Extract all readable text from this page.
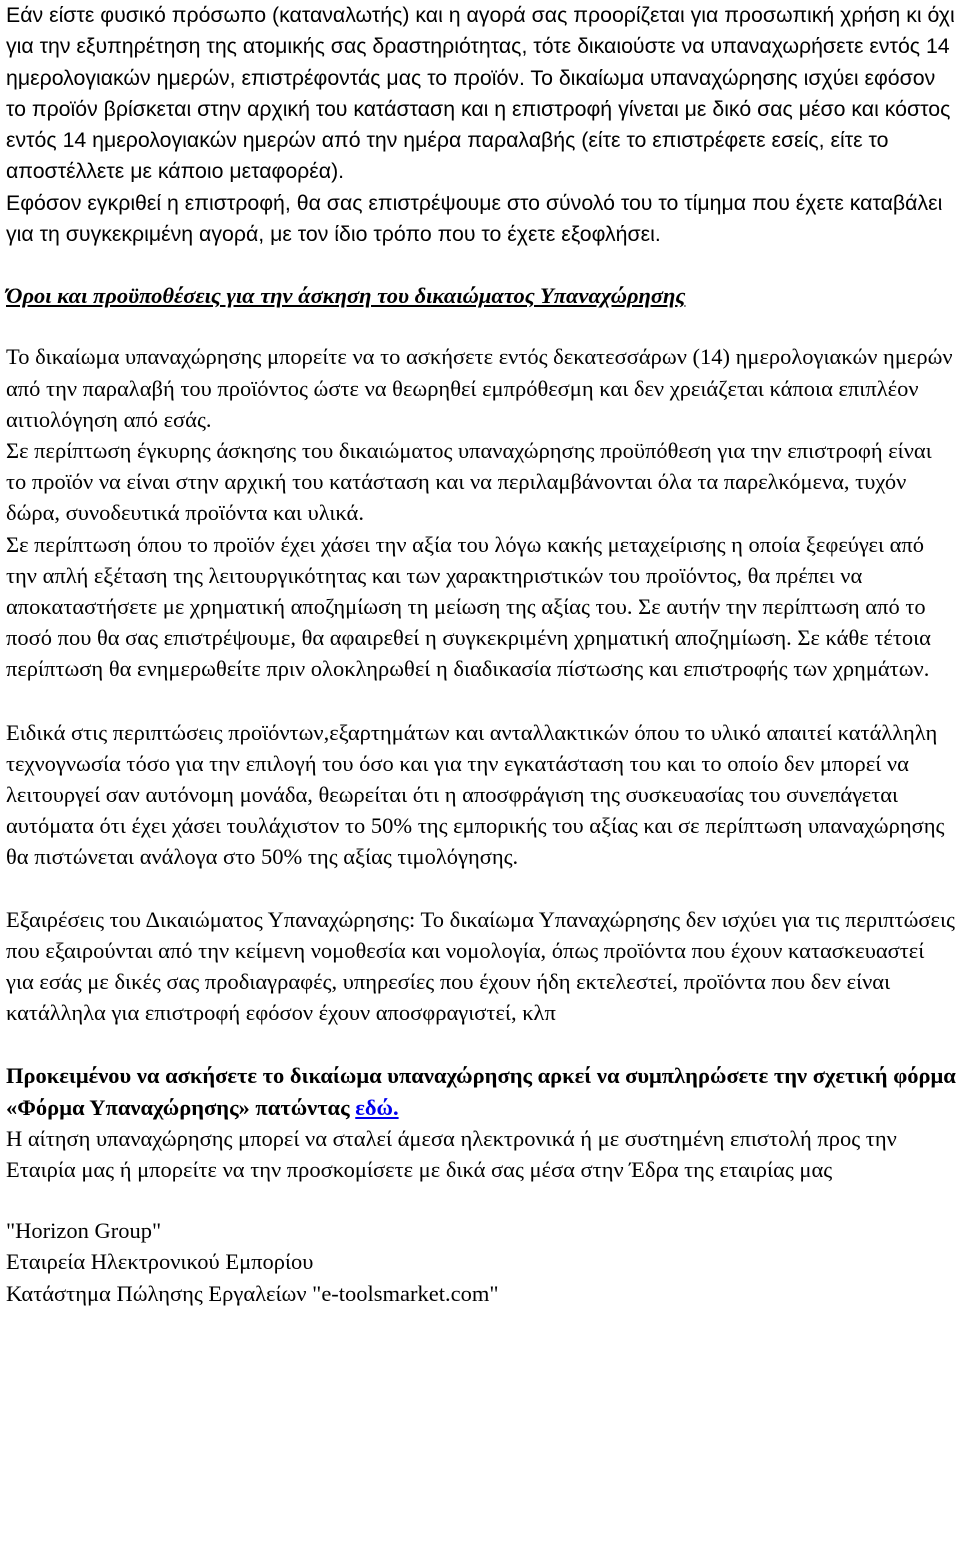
Εάν είστε φυσικό πρόσωπο (καταναλωτής) και η αγορά σας προορίζεται για προσωπική χρήση κι όχι για την εξυπηρέτηση της ατομικής σας δραστηριότητας, τότε δικαιούστε να υπαναχωρήσετε εντός 14 ημερολογιακών ημερών, επιστρέφοντάς μας το προϊόν. Το δικαίωμα υπαναχώρησης ισχύει εφόσον το προϊόν βρίσκεται στην αρχική του κατάσταση και η επιστροφή γίνεται με δικό σας μέσο και κόστος εντός 14 ημερολογιακών ημερών από την ημέρα παραλαβής (είτε το επιστρέφετε εσείς, είτε το αποστέλλετε με κάποιο μεταφορέα).

Εφόσον εγκριθεί η επιστροφή, θα σας επιστρέψουμε στο σύνολό του το τίμημα που έχετε καταβάλει για τη συγκεκριμένη αγορά, με τον ίδιο τρόπο που το έχετε εξοφλήσει.

Όροι και προϋποθέσεις για την άσκηση του δικαιώματος Υπαναχώρησης

Το δικαίωμα υπαναχώρησης μπορείτε να το ασκήσετε εντός δεκατεσσάρων (14) ημερολογιακών ημερών από την παραλαβή του προϊόντος ώστε να θεωρηθεί εμπρόθεσμη και δεν χρειάζεται κάποια επιπλέον αιτιολόγηση από εσάς.

Σε περίπτωση έγκυρης άσκησης του δικαιώματος υπαναχώρησης προϋπόθεση για την επιστροφή είναι το προϊόν να είναι στην αρχική του κατάσταση και να περιλαμβάνονται όλα τα παρελκόμενα, τυχόν δώρα, συνοδευτικά προϊόντα και υλικά.

Σε περίπτωση όπου το προϊόν έχει χάσει την αξία του λόγω κακής μεταχείρισης η οποία ξεφεύγει από την απλή εξέταση της λειτουργικότητας και των χαρακτηριστικών του προϊόντος, θα πρέπει να αποκαταστήσετε με χρηματική αποζημίωση τη μείωση της αξίας του. Σε αυτήν την περίπτωση από το ποσό που θα σας επιστρέψουμε, θα αφαιρεθεί η συγκεκριμένη χρηματική αποζημίωση. Σε κάθε τέτοια περίπτωση θα ενημερωθείτε πριν ολοκληρωθεί η διαδικασία πίστωσης και επιστροφής των χρημάτων.

Ειδικά στις περιπτώσεις προϊόντων,εξαρτημάτων και ανταλλακτικών όπου το υλικό απαιτεί κατάλληλη τεχνογνωσία τόσο για την επιλογή του όσο και για την εγκατάσταση του και το οποίο δεν μπορεί να λειτουργεί σαν αυτόνομη μονάδα, θεωρείται ότι η αποσφράγιση της συσκευασίας του συνεπάγεται αυτόματα ότι έχει χάσει τουλάχιστον το 50% της εμπορικής του αξίας και σε περίπτωση υπαναχώρησης θα πιστώνεται ανάλογα στο 50% της αξίας τιμολόγησης.

Εξαιρέσεις του Δικαιώματος Υπαναχώρησης: Το δικαίωμα Υπαναχώρησης δεν ισχύει για τις περιπτώσεις που εξαιρούνται από την κείμενη νομοθεσία και νομολογία, όπως προϊόντα που έχουν κατασκευαστεί για εσάς με δικές σας προδιαγραφές, υπηρεσίες που έχουν ήδη εκτελεστεί, προϊόντα που δεν είναι κατάλληλα για επιστροφή εφόσον έχουν αποσφραγιστεί, κλπ

Προκειμένου να ασκήσετε το δικαίωμα υπαναχώρησης αρκεί να συμπληρώσετε την σχετική φόρμα «Φόρμα Υπαναχώρησης» πατώντας εδώ.

Η αίτηση υπαναχώρησης μπορεί να σταλεί άμεσα ηλεκτρονικά ή με συστημένη επιστολή προς την Εταιρία μας ή μπορείτε να την προσκομίσετε με δικά σας μέσα στην Έδρα της εταιρίας μας

"Horizon Group"

Εταιρεία Ηλεκτρονικού Εμπορίου

Κατάστημα Πώλησης Εργαλείων "e-toolsmarket.com"
